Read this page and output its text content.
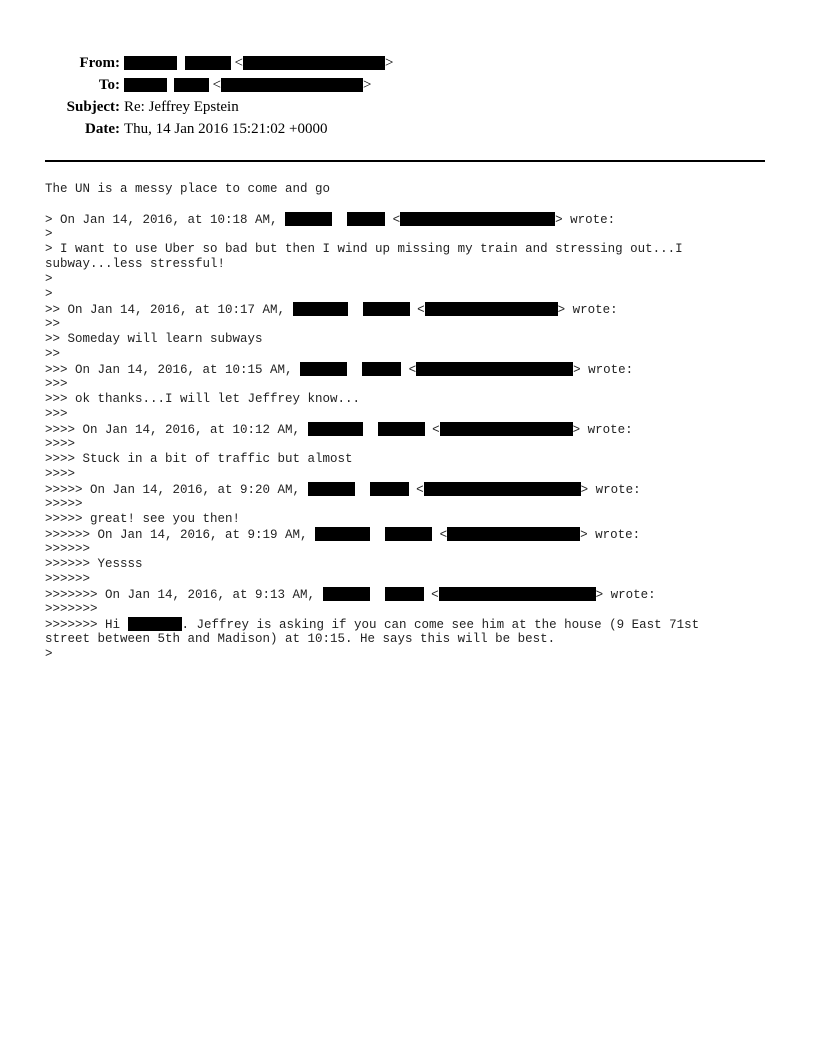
From:	<	>
To:	<	>
Subject: Re: Jeffrey Epstein
Date: Thu, 14 Jan 2016 15:21:02 +0000
The UN is a messy place to come and go
> On Jan 14, 2016, at 10:18 AM,	<	> wrote:
>
> I want to use Uber so bad but then I wind up missing my train and stressing out...I
subway...less stressful!
>
>
>> On Jan 14, 2016, at 10:17 AM,	<	> wrote:
>>
>> Someday will learn subways
>>
>>> On Jan 14, 2016, at 10:15 AM,	<	> wrote:
>>>
>>> ok thanks...I will let Jeffrey know...
>>>
>>>> On Jan 14, 2016, at 10:12 AM,	<	> wrote:
>>>>
>>>> Stuck in a bit of traffic but almost
>>>>
>>>>> On Jan 14, 2016, at 9:20 AM,	<	> wrote:
>>>>>
>>>>> great! see you then!
>>>>>> On Jan 14, 2016, at 9:19 AM,	<	> wrote:
>>>>>>
>>>>>> Yessss
>>>>>>
>>>>>>> On Jan 14, 2016, at 9:13 AM,	<	> wrote:
>>>>>>>
>>>>>>> Hi	. Jeffrey is asking if you can come see him at the house (9 East 71st
street between 5th and Madison) at 10:15. He says this will be best.
>
